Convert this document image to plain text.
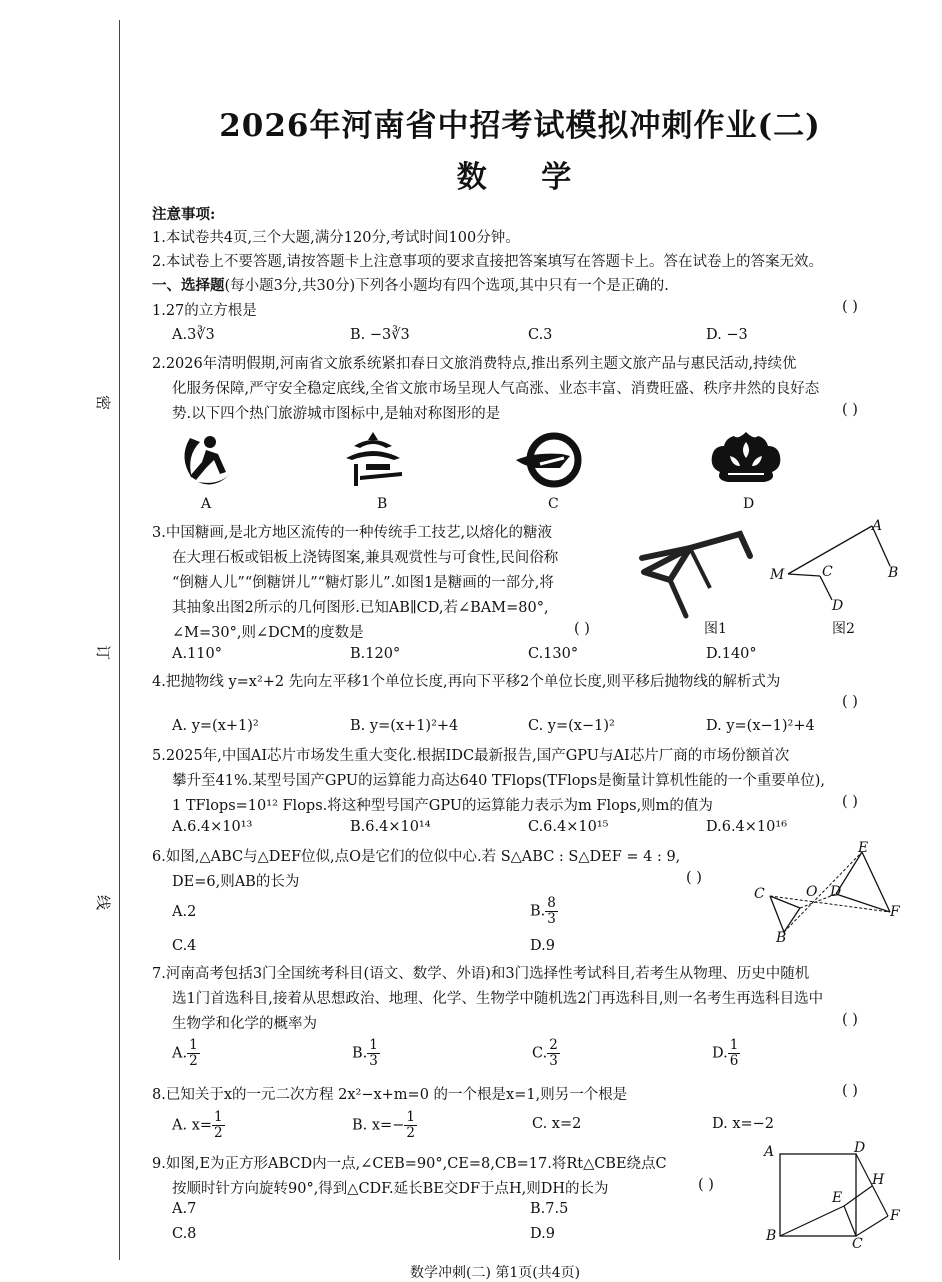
密
订
线
2026年河南省中招考试模拟冲刺作业(二)
数 学
注意事项:
1.本试卷共4页,三个大题,满分120分,考试时间100分钟。
2.本试卷上不要答题,请按答题卡上注意事项的要求直接把答案填写在答题卡上。答在试卷上的答案无效。
一、选择题(每小题3分,共30分)下列各小题均有四个选项,其中只有一个是正确的.
1.27的立方根是	( )
A.3∛3	B. −3∛3	C.3	D. −3
2.2026年清明假期,河南省文旅系统紧扣春日文旅消费特点,推出系列主题文旅产品与惠民活动,持续优
化服务保障,严守安全稳定底线,全省文旅市场呈现人气高涨、业态丰富、消费旺盛、秩序井然的良好态
势.以下四个热门旅游城市图标中,是轴对称图形的是	( )
A	B	C	D
3.中国糖画,是北方地区流传的一种传统手工技艺,以熔化的糖液
在大理石板或铝板上浇铸图案,兼具观赏性与可食性,民间俗称
“倒糖人儿”“倒糖饼儿”“糖灯影儿”.如图1是糖画的一部分,将
其抽象出图2所示的几何图形.已知AB∥CD,若∠BAM=80°,
∠M=30°,则∠DCM的度数是	( )	图1
A
B
M	C
D
图2
A.110°	B.120°	C.130°	D.140°
4.把抛物线 y=x²+2 先向左平移1个单位长度,再向下平移2个单位长度,则平移后抛物线的解析式为
( )
A. y=(x+1)²	B. y=(x+1)²+4	C. y=(x−1)²	D. y=(x−1)²+4
5.2025年,中国AI芯片市场发生重大变化.根据IDC最新报告,国产GPU与AI芯片厂商的市场份额首次
攀升至41%.某型号国产GPU的运算能力高达640 TFlops(TFlops是衡量计算机性能的一个重要单位),
1 TFlops=10¹² Flops.将这种型号国产GPU的运算能力表示为m Flops,则m的值为	( )
A.6.4×10¹³	B.6.4×10¹⁴	C.6.4×10¹⁵	D.6.4×10¹⁶
6.如图,△ABC与△DEF位似,点O是它们的位似中心.若 S△ABC : S△DEF = 4 : 9,
DE=6,则AB的长为	( )
A.2	B. $\frac{8}{3}$
C.4	D.9
E
C	O D
F
B
7.河南高考包括3门全国统考科目(语文、数学、外语)和3门选择性考试科目,若考生从物理、历史中随机
选1门首选科目,接着从思想政治、地理、化学、生物学中随机选2门再选科目,则一名考生再选科目选中
生物学和化学的概率为	( )
A. $\frac{1}{2}$	B. $\frac{1}{3}$	C. $\frac{2}{3}$	D. $\frac{1}{6}$
8.已知关于x的一元二次方程 2x²−x+m=0 的一个根是x=1,则另一个根是	( )
A. $x= \frac{1}{2}$	B. $x=- \frac{1}{2}$	C. x=2	D. x=−2
9.如图,E为正方形ABCD内一点,∠CEB=90°,CE=8,CB=17.将Rt△CBE绕点C
按顺时针方向旋转90°,得到△CDF.延长BE交DF于点H,则DH的长为	( )
A.7	B.7.5
C.8	D.9
A	D
H
E
F
B	C
数学冲刺(二) 第1页(共4页)
